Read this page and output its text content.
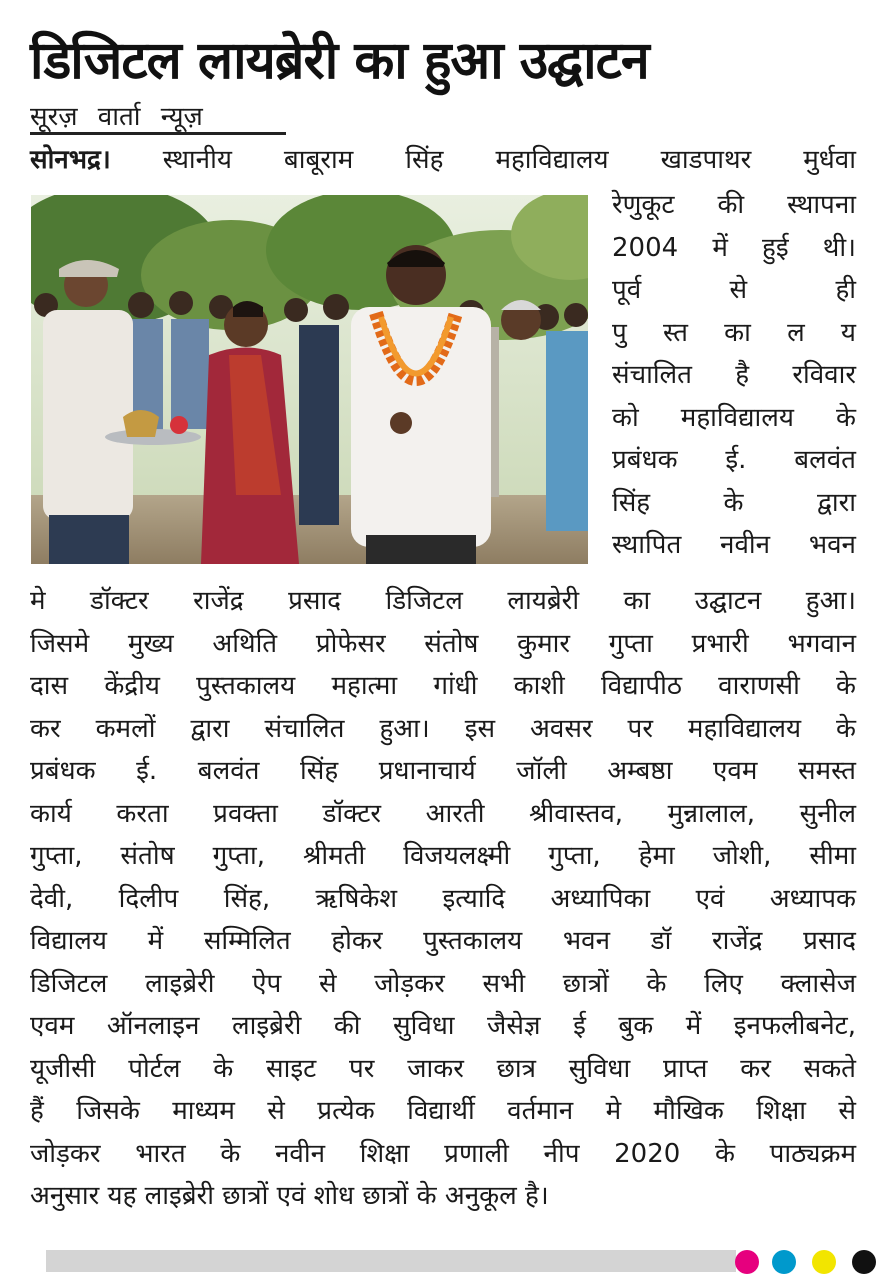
डिजिटल लायब्रेरी का हुआ उद्घाटन
सूरज़ वार्ता न्यूज़
सोनभद्र। स्थानीय बाबूराम सिंह महाविद्यालय खाडपाथर मुर्धवा
रेणुकूट की स्थापना
2004 में हुई थी।
पूर्व से ही
पु स्त का ल य
संचालित है रविवार
को महाविद्यालय के
प्रबंधक ई. बलवंत
सिंह के द्वारा
स्थापित नवीन भवन
मे डॉक्टर राजेंद्र प्रसाद डिजिटल लायब्रेरी का उद्घाटन हुआ।
जिसमे मुख्य अथिति प्रोफेसर संतोष कुमार गुप्ता प्रभारी भगवान
दास केंद्रीय पुस्तकालय महात्मा गांधी काशी विद्यापीठ वाराणसी के
कर कमलों द्वारा संचालित हुआ। इस अवसर पर महाविद्यालय के
प्रबंधक ई. बलवंत सिंह प्रधानाचार्य जॉली अम्बष्ठा एवम समस्त
कार्य करता प्रवक्ता डॉक्टर आरती श्रीवास्तव, मुन्नालाल, सुनील
गुप्ता, संतोष गुप्ता, श्रीमती विजयलक्ष्मी गुप्ता, हेमा जोशी, सीमा
देवी, दिलीप सिंह, ऋषिकेश इत्यादि अध्यापिका एवं अध्यापक
विद्यालय में सम्मिलित होकर पुस्तकालय भवन डॉ राजेंद्र प्रसाद
डिजिटल लाइब्रेरी ऐप से जोड़कर सभी छात्रों के लिए क्लासेज
एवम ऑनलाइन लाइब्रेरी की सुविधा जैसेज्ञ ई बुक में इनफलीबनेट,
यूजीसी पोर्टल के साइट पर जाकर छात्र सुविधा प्राप्त कर सकते
हैं जिसके माध्यम से प्रत्येक विद्यार्थी वर्तमान मे मौखिक शिक्षा से
जोड़कर भारत के नवीन शिक्षा प्रणाली नीप 2020 के पाठ्यक्रम
अनुसार यह लाइब्रेरी छात्रों एवं शोध छात्रों के अनुकूल है।
